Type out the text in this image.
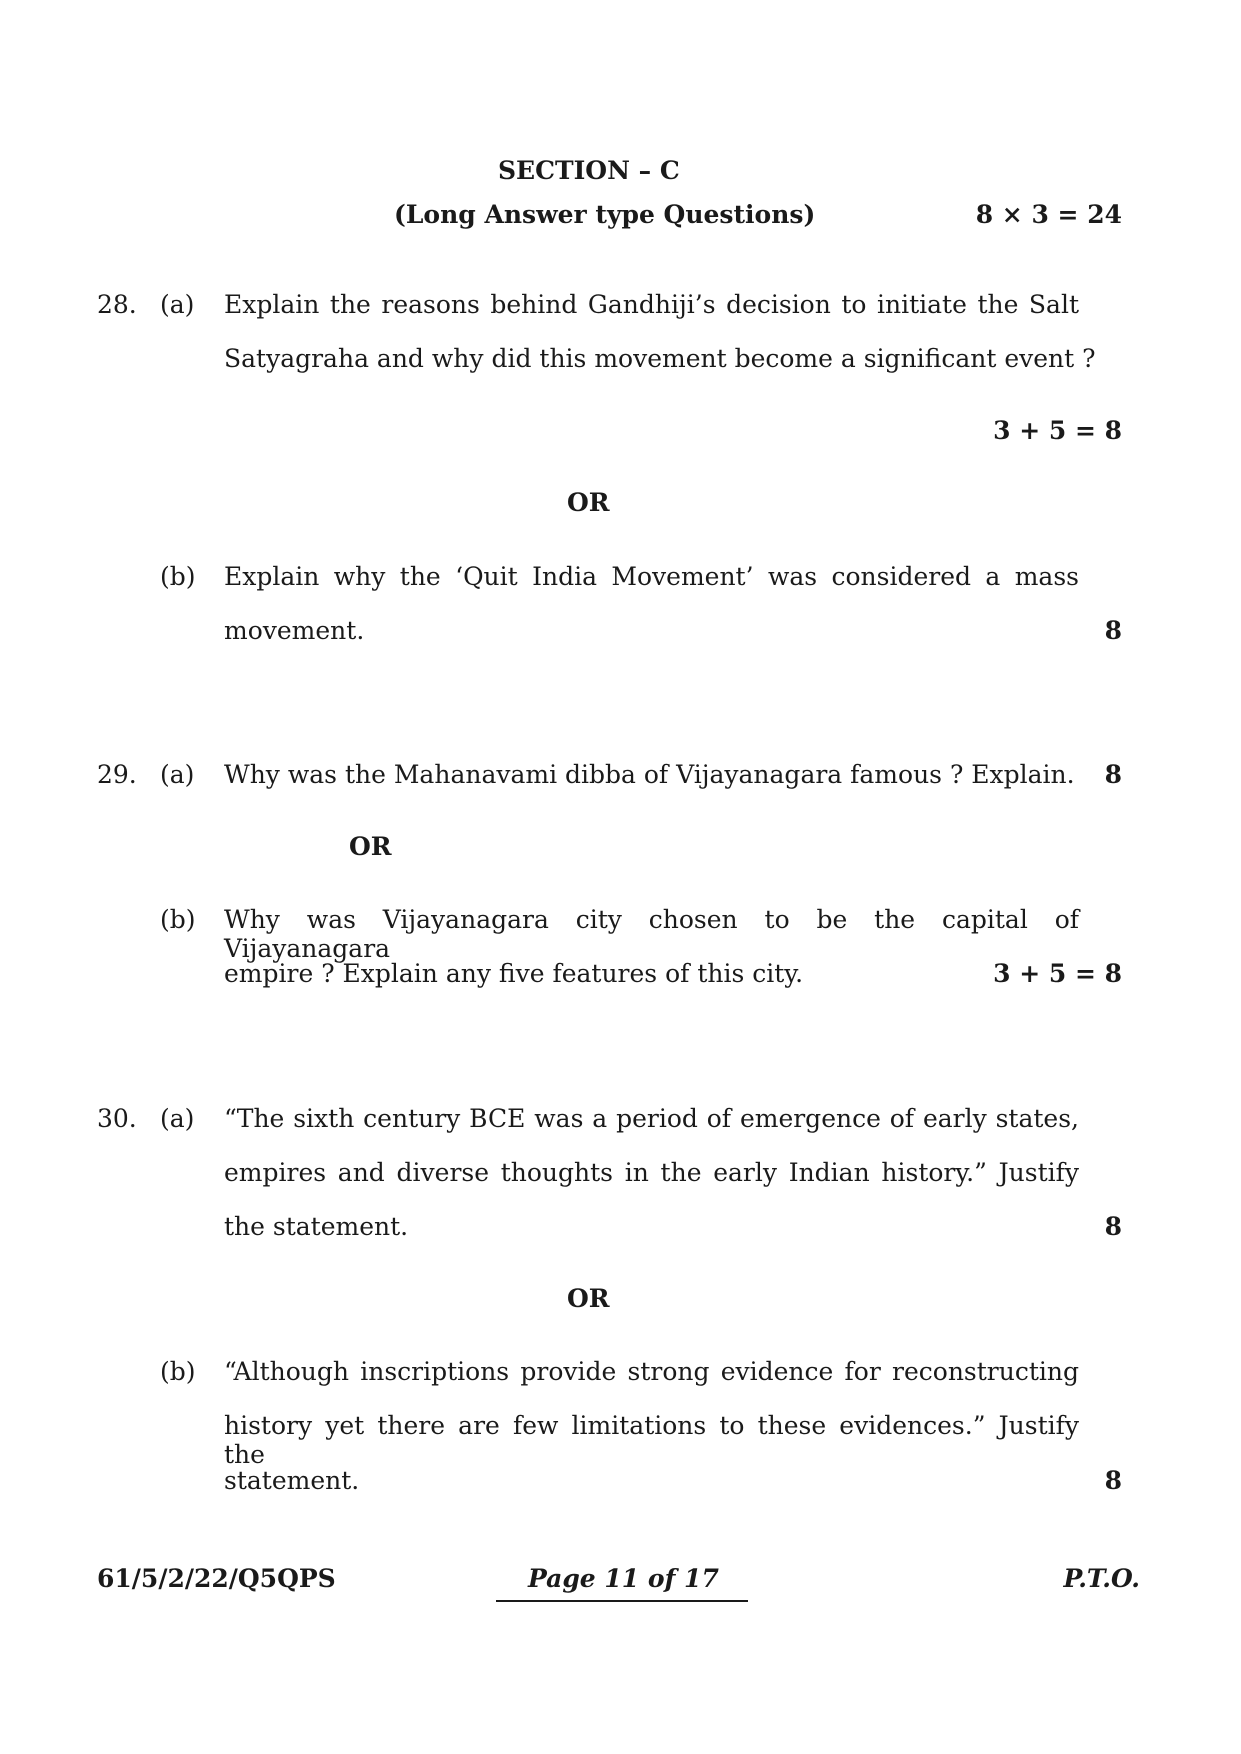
SECTION – C
(Long Answer type Questions)	8 × 3 = 24
28. (a) Explain the reasons behind Gandhiji’s decision to initiate the Salt
Satyagraha and why did this movement become a significant event ?
3 + 5 = 8
OR
(b) Explain why the ‘Quit India Movement’ was considered a mass
movement.	8
29. (a) Why was the Mahanavami dibba of Vijayanagara famous ? Explain.	8
OR
(b) Why was Vijayanagara city chosen to be the capital of Vijayanagara
empire ? Explain any five features of this city.	3 + 5 = 8
30. (a) “The sixth century BCE was a period of emergence of early states,
empires and diverse thoughts in the early Indian history.” Justify
the statement.	8
OR
(b) “Although inscriptions provide strong evidence for reconstructing
history yet there are few limitations to these evidences.” Justify the
statement.	8
61/5/2/22/Q5QPS	Page 11 of 17	P.T.O.
